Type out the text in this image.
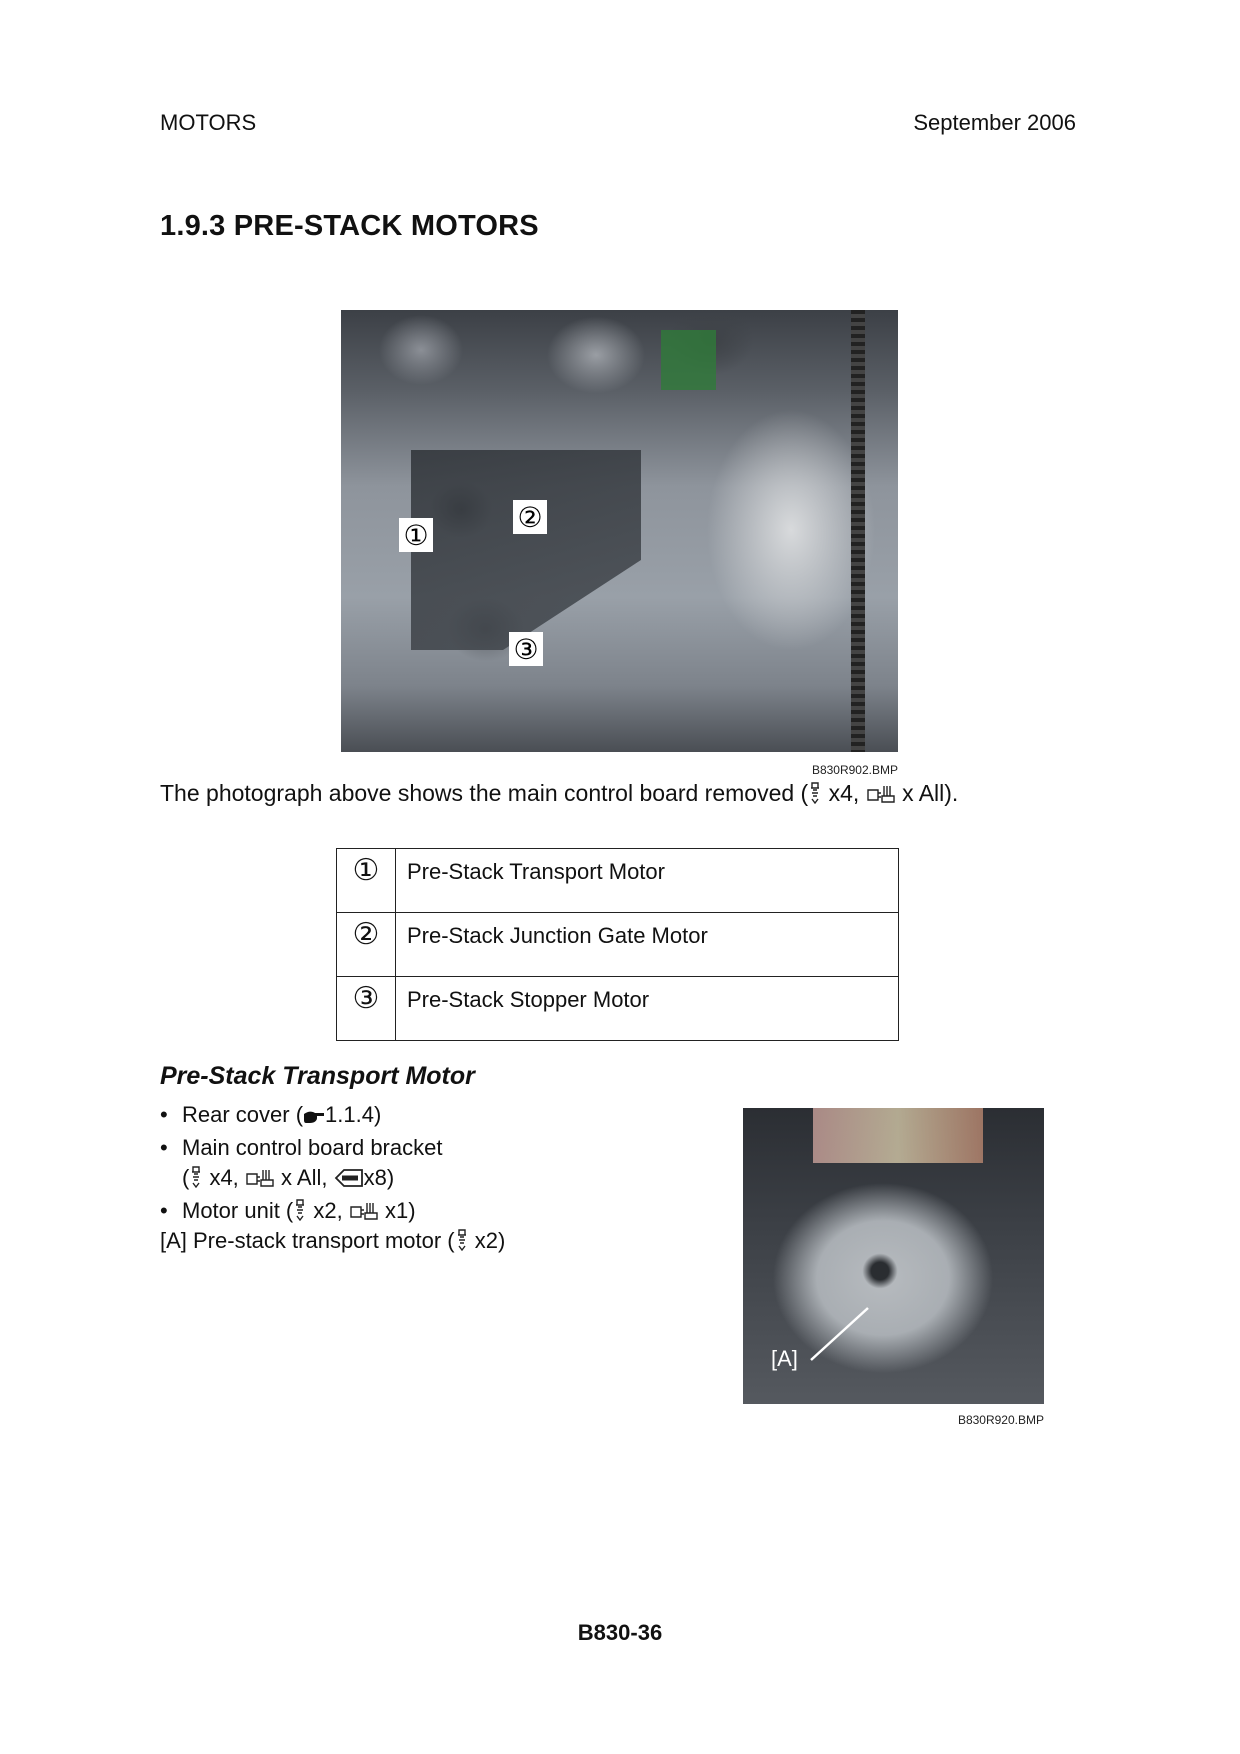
MOTORS	September 2006
1.9.3 PRE-STACK MOTORS
①
②
③
B830R902.BMP
The photograph above shows the main control board removed ( x4,  x All).
①	Pre-Stack Transport Motor
②	Pre-Stack Junction Gate Motor
③	Pre-Stack Stopper Motor
Pre-Stack Transport Motor
• Rear cover ( 1.1.4)
• Main control board bracket
( x4,  x All, x8)
• Motor unit ( x2,  x1)
[A] Pre-stack transport motor ( x2)
[A]
B830R920.BMP
B830-36
